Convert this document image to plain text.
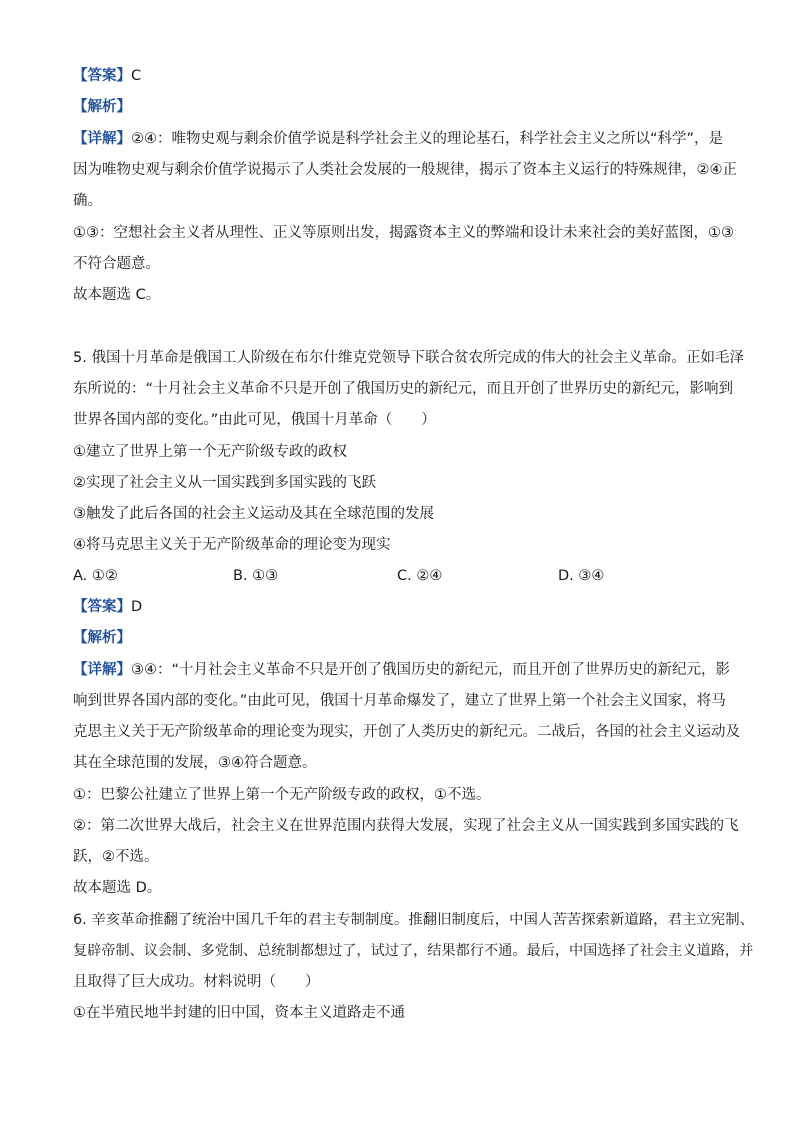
【答案】C
【解析】
【详解】②④：唯物史观与剩余价值学说是科学社会主义的理论基石，科学社会主义之所以“科学”，是
因为唯物史观与剩余价值学说揭示了人类社会发展的一般规律，揭示了资本主义运行的特殊规律，②④正
确。
①③：空想社会主义者从理性、正义等原则出发，揭露资本主义的弊端和设计未来社会的美好蓝图，①③
不符合题意。
故本题选 C。
5. 俄国十月革命是俄国工人阶级在布尔什维克党领导下联合贫农所完成的伟大的社会主义革命。正如毛泽
东所说的：“十月社会主义革命不只是开创了俄国历史的新纪元，而且开创了世界历史的新纪元，影响到
世界各国内部的变化。”由此可见，俄国十月革命（　　）
①建立了世界上第一个无产阶级专政的政权
②实现了社会主义从一国实践到多国实践的飞跃
③触发了此后各国的社会主义运动及其在全球范围的发展
④将马克思主义关于无产阶级革命的理论变为现实
A. ①②	B. ①③	C. ②④	D. ③④
【答案】D
【解析】
【详解】③④：“十月社会主义革命不只是开创了俄国历史的新纪元，而且开创了世界历史的新纪元，影
响到世界各国内部的变化。”由此可见，俄国十月革命爆发了，建立了世界上第一个社会主义国家，将马
克思主义关于无产阶级革命的理论变为现实，开创了人类历史的新纪元。二战后，各国的社会主义运动及
其在全球范围的发展，③④符合题意。
①：巴黎公社建立了世界上第一个无产阶级专政的政权，①不选。
②：第二次世界大战后，社会主义在世界范围内获得大发展，实现了社会主义从一国实践到多国实践的飞
跃，②不选。
故本题选 D。
6. 辛亥革命推翻了统治中国几千年的君主专制制度。推翻旧制度后，中国人苦苦探索新道路，君主立宪制、
复辟帝制、议会制、多党制、总统制都想过了，试过了，结果都行不通。最后，中国选择了社会主义道路，并
且取得了巨大成功。材料说明（　　）
①在半殖民地半封建的旧中国，资本主义道路走不通
